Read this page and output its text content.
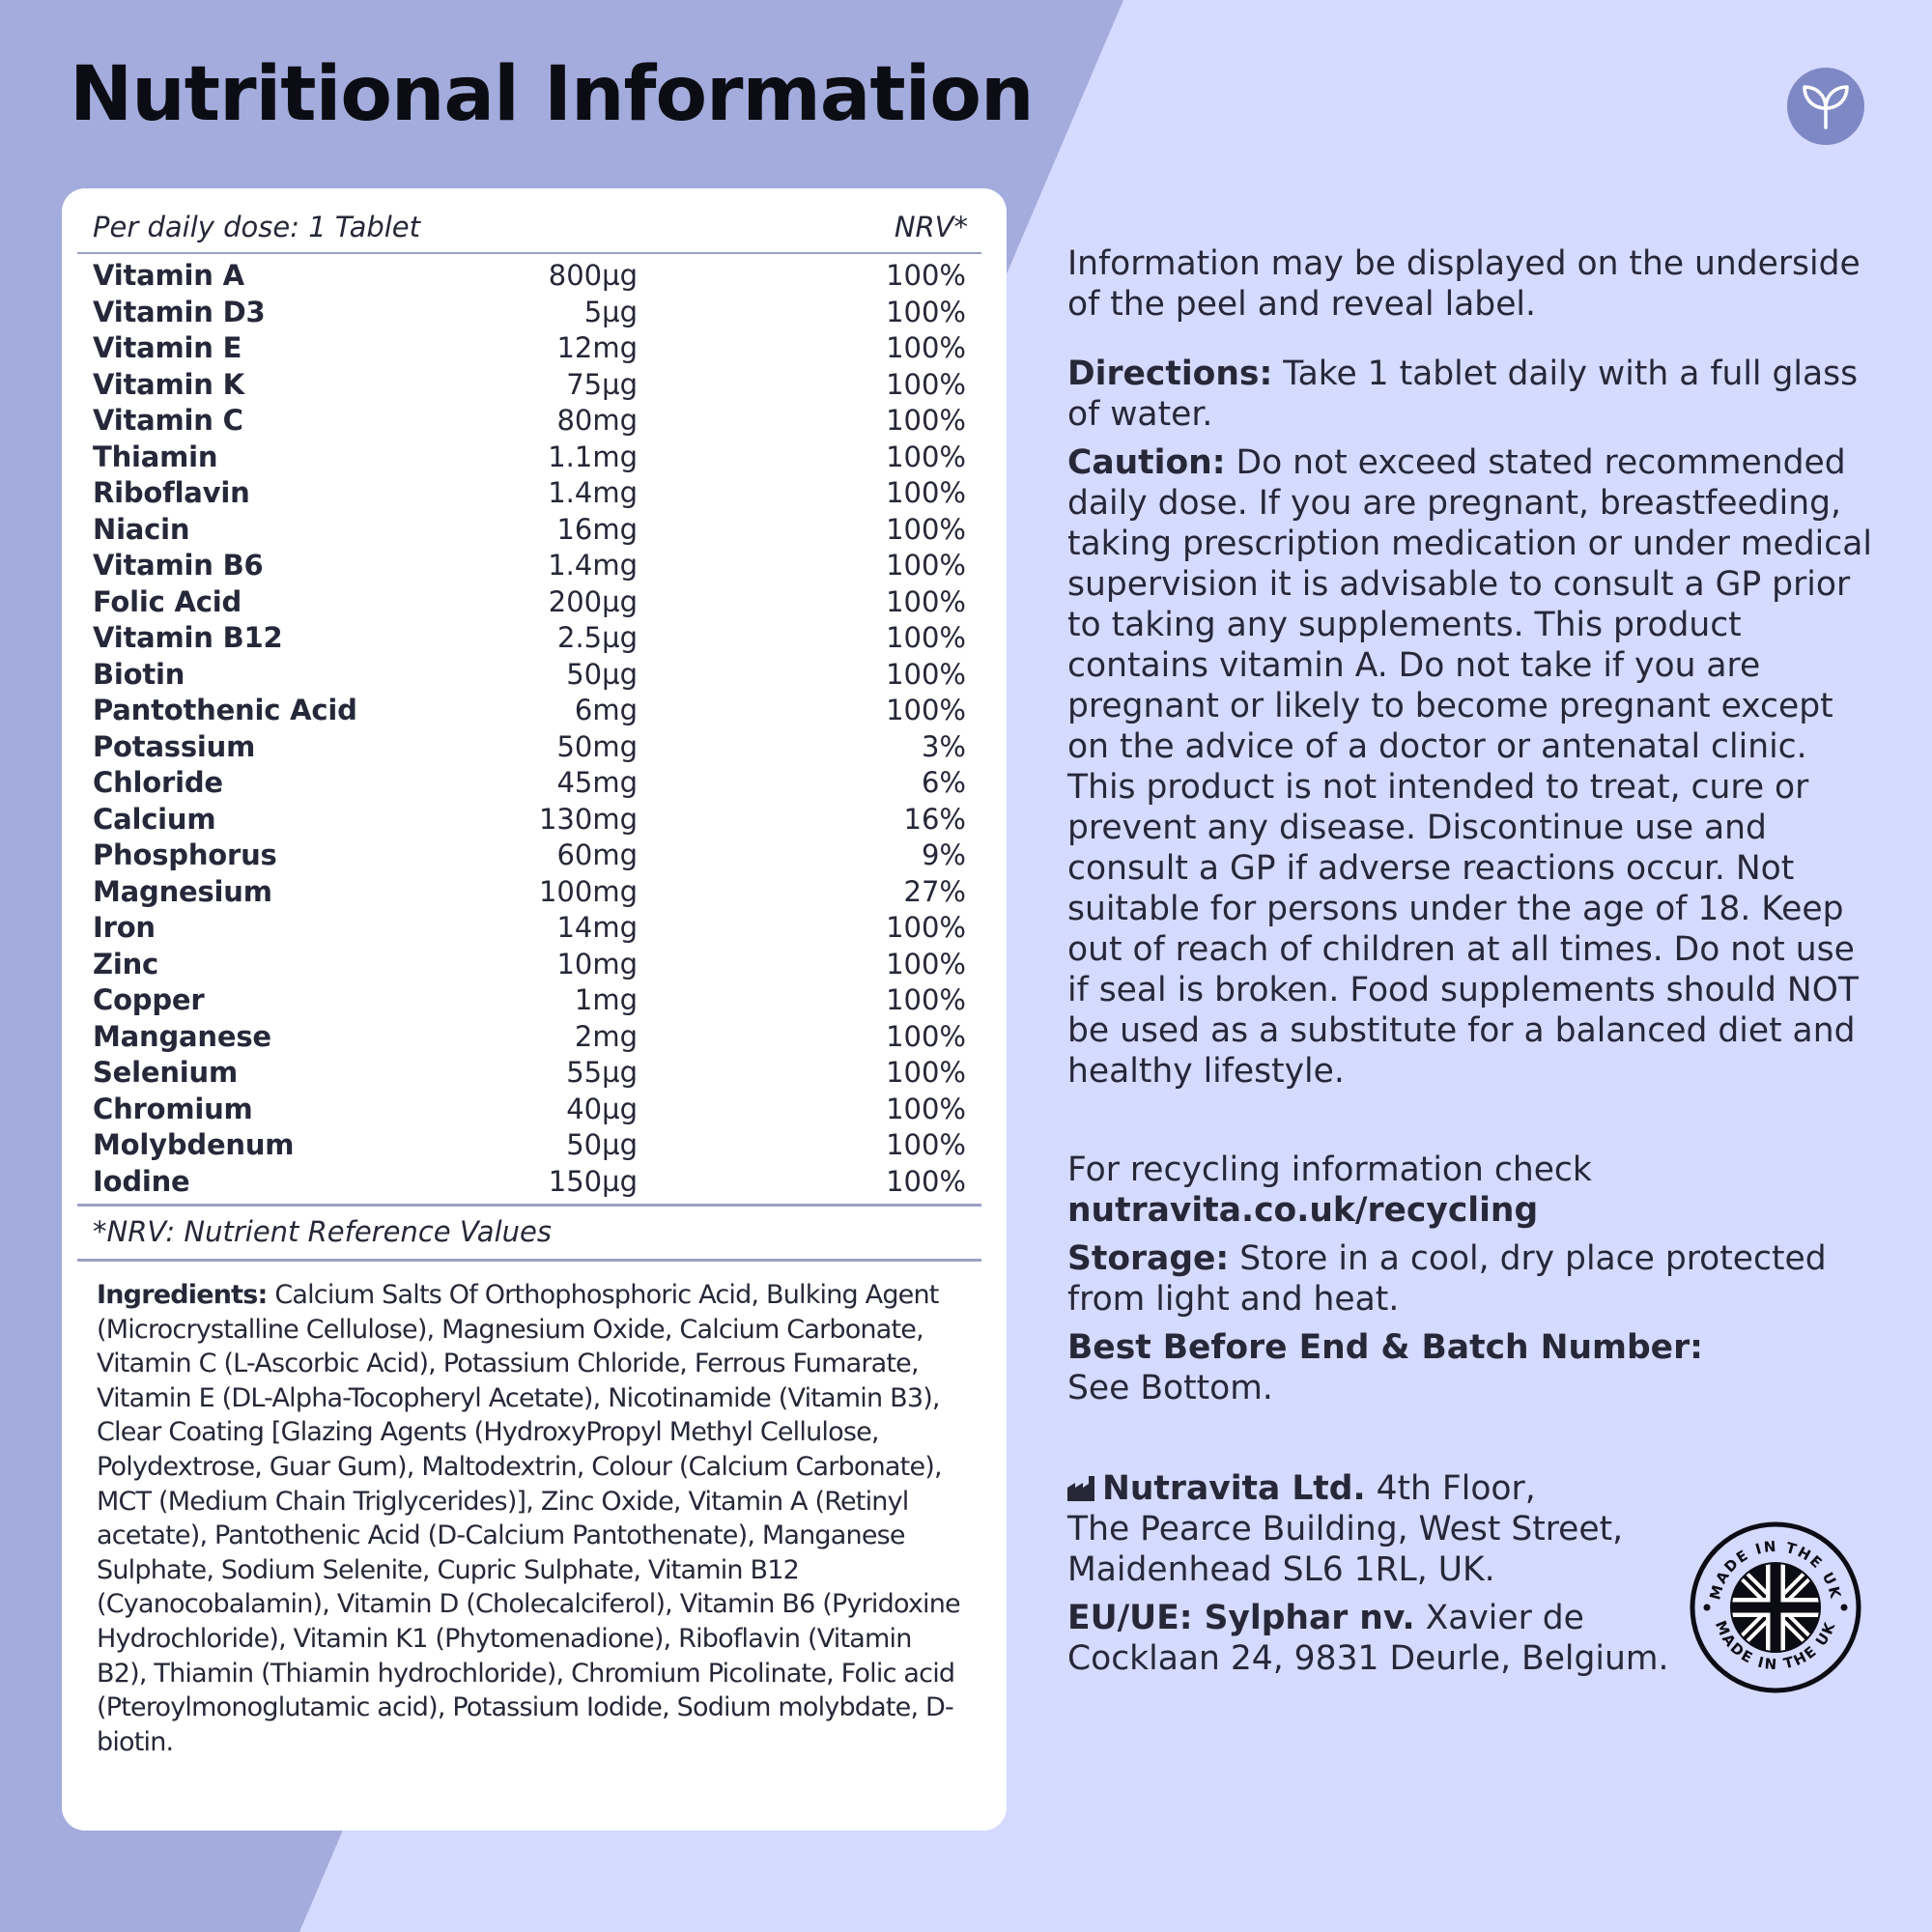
Nutritional Information
Per daily dose: 1 Tablet	NRV*
Vitamin A	800µg	100%
Vitamin D3	5µg	100%
Vitamin E	12mg	100%
Vitamin K	75µg	100%
Vitamin C	80mg	100%
Thiamin	1.1mg	100%
Riboflavin	1.4mg	100%
Niacin	16mg	100%
Vitamin B6	1.4mg	100%
Folic Acid	200µg	100%
Vitamin B12	2.5µg	100%
Biotin	50µg	100%
Pantothenic Acid	6mg	100%
Potassium	50mg	3%
Chloride	45mg	6%
Calcium	130mg	16%
Phosphorus	60mg	9%
Magnesium	100mg	27%
Iron	14mg	100%
Zinc	10mg	100%
Copper	1mg	100%
Manganese	2mg	100%
Selenium	55µg	100%
Chromium	40µg	100%
Molybdenum	50µg	100%
Iodine	150µg	100%
*NRV: Nutrient Reference Values

Ingredients: Calcium Salts Of Orthophosphoric Acid, Bulking Agent (Microcrystalline Cellulose), Magnesium Oxide, Calcium Carbonate, Vitamin C (L-Ascorbic Acid), Potassium Chloride, Ferrous Fumarate, Vitamin E (DL-Alpha-Tocopheryl Acetate), Nicotinamide (Vitamin B3), Clear Coating [Glazing Agents (HydroxyPropyl Methyl Cellulose, Polydextrose, Guar Gum), Maltodextrin, Colour (Calcium Carbonate), MCT (Medium Chain Triglycerides)], Zinc Oxide, Vitamin A (Retinyl acetate), Pantothenic Acid (D-Calcium Pantothenate), Manganese Sulphate, Sodium Selenite, Cupric Sulphate, Vitamin B12 (Cyanocobalamin), Vitamin D (Cholecalciferol), Vitamin B6 (Pyridoxine Hydrochloride), Vitamin K1 (Phytomenadione), Riboflavin (Vitamin B2), Thiamin (Thiamin hydrochloride), Chromium Picolinate, Folic acid (Pteroylmonoglutamic acid), Potassium Iodide, Sodium molybdate, D-biotin.

Information may be displayed on the underside of the peel and reveal label.

Directions: Take 1 tablet daily with a full glass of water.

Caution: Do not exceed stated recommended daily dose. If you are pregnant, breastfeeding, taking prescription medication or under medical supervision it is advisable to consult a GP prior to taking any supplements. This product contains vitamin A. Do not take if you are pregnant or likely to become pregnant except on the advice of a doctor or antenatal clinic. This product is not intended to treat, cure or prevent any disease. Discontinue use and consult a GP if adverse reactions occur. Not suitable for persons under the age of 18. Keep out of reach of children at all times. Do not use if seal is broken. Food supplements should NOT be used as a substitute for a balanced diet and healthy lifestyle.

For recycling information check
nutravita.co.uk/recycling

Storage: Store in a cool, dry place protected from light and heat.

Best Before End & Batch Number:
See Bottom.

Nutravita Ltd. 4th Floor,
The Pearce Building, West Street,
Maidenhead SL6 1RL, UK.

EU/UE: Sylphar nv. Xavier de
Cocklaan 24, 9831 Deurle, Belgium.

MADE IN THE UK
MADE IN THE UK
